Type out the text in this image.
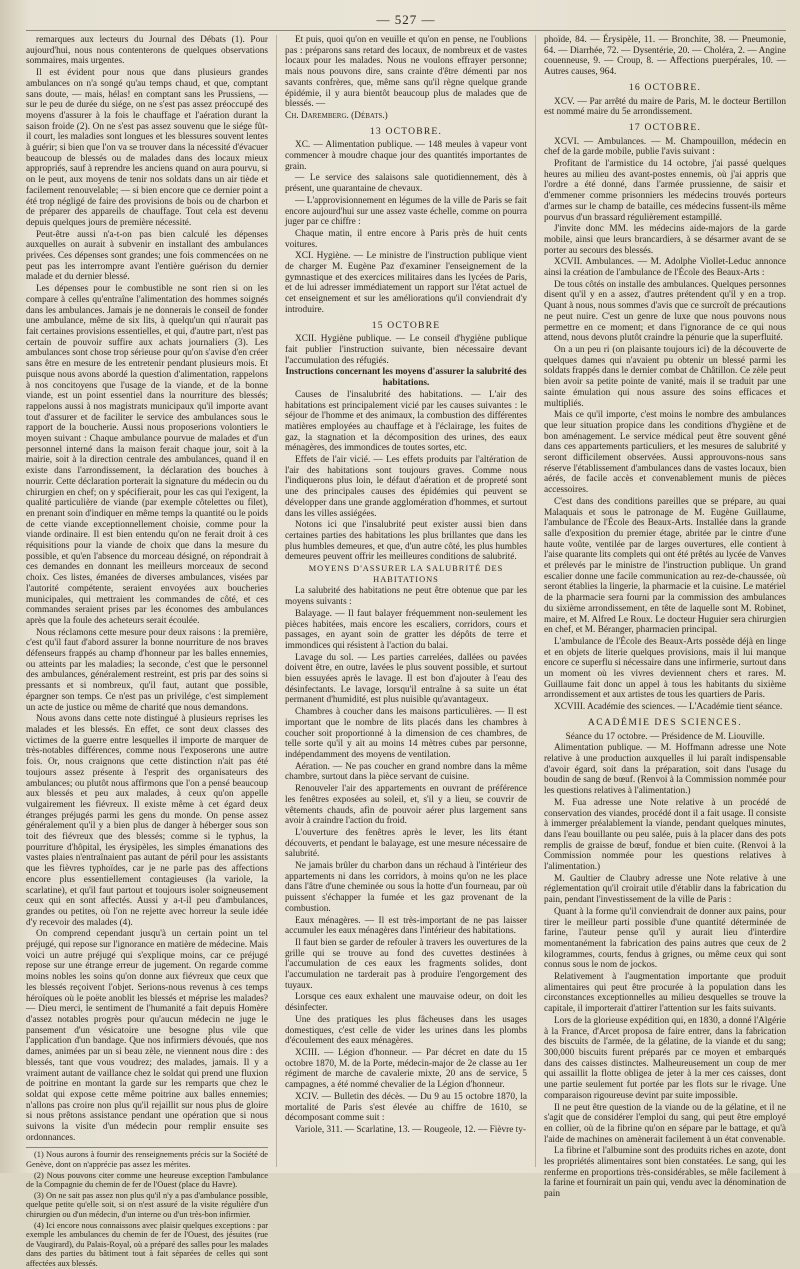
— 527 —

remarques aux lecteurs du Journal des Débats (1). Pour aujourd'hui, nous nous contenterons de quelques observations sommaires, mais urgentes.

Il est évident pour nous que dans plusieurs grandes ambulances on n'a songé qu'au temps chaud, et que, comptant sans doute, — mais, hélas! en comptant sans les Prussiens, — sur le peu de durée du siége, on ne s'est pas assez préoccupé des moyens d'assurer à la fois le chauffage et l'aération durant la saison froide (2). On ne s'est pas assez souvenu que le siége fût-il court, les maladies sont longues et les blessures souvent lentes à guérir; si bien que l'on va se trouver dans la nécessité d'évacuer beaucoup de blessés ou de malades dans des locaux mieux appropriés, sauf à reprendre les anciens quand on aura pourvu, si on le peut, aux moyens de tenir nos soldats dans un air tiède et facilement renouvelable; — si bien encore que ce dernier point a été trop négligé de faire des provisions de bois ou de charbon et de préparer des appareils de chauffage. Tout cela est devenu depuis quelques jours de première nécessité.

Peut-être aussi n'a-t-on pas bien calculé les dépenses auxquelles on aurait à subvenir en installant des ambulances privées. Ces dépenses sont grandes; une fois commencées on ne peut pas les interrompre avant l'entière guérison du dernier malade et du dernier blessé.

Les dépenses pour le combustible ne sont rien si on les compare à celles qu'entraîne l'alimentation des hommes soignés dans les ambulances. Jamais je ne donnerais le conseil de fonder une ambulance, même de six lits, à quelqu'un qui n'aurait pas fait certaines provisions essentielles, et qui, d'autre part, n'est pas certain de pouvoir suffire aux achats journaliers (3). Les ambulances sont chose trop sérieuse pour qu'on s'avise d'en créer sans être en mesure de les entretenir pendant plusieurs mois. Et puisque nous avons abordé la question d'alimentation, rappelons à nos concitoyens que l'usage de la viande, et de la bonne viande, est un point essentiel dans la nourriture des blessés; rappelons aussi à nos magistrats municipaux qu'il importe avant tout d'assurer et de faciliter le service des ambulances sous le rapport de la boucherie. Aussi nous proposerions volontiers le moyen suivant : Chaque ambulance pourvue de malades et d'un personnel interné dans la maison ferait chaque jour, soit à la mairie, soit à la direction centrale des ambulances, quand il en existe dans l'arrondissement, la déclaration des bouches à nourrir. Cette déclaration porterait la signature du médecin ou du chirurgien en chef; on y spécifierait, pour les cas qui l'exigent, la qualité particulière de viande (par exemple côtelettes ou filet), en prenant soin d'indiquer en même temps la quantité ou le poids de cette viande exceptionnellement choisie, comme pour la viande ordinaire. Il est bien entendu qu'on ne ferait droit à ces réquisitions pour la viande de choix que dans la mesure du possible, et qu'en l'absence du morceau désigné, on répondrait à ces demandes en donnant les meilleurs morceaux de second choix. Ces listes, émanées de diverses ambulances, visées par l'autorité compétente, seraient envoyées aux boucheries municipales, qui mettraient les commandes de côté, et ces commandes seraient prises par les économes des ambulances après que la foule des acheteurs serait écoulée.

Nous réclamons cette mesure pour deux raisons : la première, c'est qu'il faut d'abord assurer la bonne nourriture de nos braves défenseurs frappés au champ d'honneur par les balles ennemies, ou atteints par les maladies; la seconde, c'est que le personnel des ambulances, généralement restreint, est pris par des soins si pressants et si nombreux, qu'il faut, autant que possible, épargner son temps. Ce n'est pas un privilége, c'est simplement un acte de justice ou même de charité que nous demandons.

Nous avons dans cette note distingué à plusieurs reprises les malades et les blessés. En effet, ce sont deux classes des victimes de la guerre entre lesquelles il importe de marquer de très-notables différences, comme nous l'exposerons une autre fois. Or, nous craignons que cette distinction n'ait pas été toujours assez présente à l'esprit des organisateurs des ambulances; ou plutôt nous affirmons que l'on a pensé beaucoup aux blessés et peu aux malades, à ceux qu'on appelle vulgairement les fiévreux. Il existe même à cet égard deux étranges préjugés parmi les gens du monde. On pense assez généralement qu'il y a bien plus de danger à héberger sous son toit des fiévreux que des blessés; comme si le typhus, la pourriture d'hôpital, les érysipèles, les simples émanations des vastes plaies n'entraînaient pas autant de péril pour les assistants que les fièvres typhoïdes, car je ne parle pas des affections encore plus essentiellement contagieuses (la variole, la scarlatine), et qu'il faut partout et toujours isoler soigneusement ceux qui en sont affectés. Aussi y a-t-il peu d'ambulances, grandes ou petites, où l'on ne rejette avec horreur la seule idée d'y recevoir des malades (4).

On comprend cependant jusqu'à un certain point un tel préjugé, qui repose sur l'ignorance en matière de médecine. Mais voici un autre préjugé qui s'explique moins, car ce préjugé repose sur une étrange erreur de jugement. On regarde comme moins nobles les soins qu'on donne aux fiévreux que ceux que les blessés reçoivent l'objet. Serions-nous revenus à ces temps héroïques où le poëte anoblit les blessés et méprise les malades? — Dieu merci, le sentiment de l'humanité a fait depuis Homère d'assez notables progrès pour qu'aucun médecin ne juge le pansement d'un vésicatoire une besogne plus vile que l'application d'un bandage. Que nos infirmiers dévoués, que nos dames, animées par un si beau zèle, ne viennent nous dire : des blessés, tant que vous voudrez; des malades, jamais. Il y a vraiment autant de vaillance chez le soldat qui prend une fluxion de poitrine en montant la garde sur les remparts que chez le soldat qui expose cette même poitrine aux balles ennemies; n'allons pas croire non plus qu'il rejaillit sur nous plus de gloire si nous prêtons assistance pendant une opération que si nous suivons la visite d'un médecin pour remplir ensuite ses ordonnances.

(1) Nous aurons à fournir des renseignements précis sur la Société de Genève, dont on n'apprécie pas assez les mérites.

(2) Nous pouvons citer comme une heureuse exception l'ambulance de la Compagnie du chemin de fer de l'Ouest (place du Havre).

(3) On ne sait pas assez non plus qu'il n'y a pas d'ambulance possible, quelque petite qu'elle soit, si on n'est assuré de la visite régulière d'un chirurgien ou d'un médecin, d'un interne ou d'un très-bon infirmier.

(4) Ici encore nous connaissons avec plaisir quelques exceptions : par exemple les ambulances du chemin de fer de l'Ouest, des jésuites (rue de Vaugirard), du Palais-Royal, où a préparé des salles pour les malades dans des parties du bâtiment tout à fait séparées de celles qui sont affectées aux blessés.

Et puis, quoi qu'on en veuille et qu'on en pense, ne l'oublions pas : préparons sans retard des locaux, de nombreux et de vastes locaux pour les malades. Nous ne voulons effrayer personne; mais nous pouvons dire, sans crainte d'être démenti par nos savants confrères, que, même sans qu'il règne quelque grande épidémie, il y aura bientôt beaucoup plus de malades que de blessés. —

Ch. Daremberg. (Débats.)

13 OCTOBRE.

XC. — Alimentation publique. — 148 meules à vapeur vont commencer à moudre chaque jour des quantités importantes de grain.

— Le service des salaisons sale quotidiennement, dès à présent, une quarantaine de chevaux.

— L'approvisionnement en légumes de la ville de Paris se fait encore aujourd'hui sur une assez vaste échelle, comme on pourra juger par ce chiffre :

Chaque matin, il entre encore à Paris près de huit cents voitures.

XCI. Hygiène. — Le ministre de l'instruction publique vient de charger M. Eugène Paz d'examiner l'enseignement de la gymnastique et des exercices militaires dans les lycées de Paris, et de lui adresser immédiatement un rapport sur l'état actuel de cet enseignement et sur les améliorations qu'il conviendrait d'y introduire.

15 OCTOBRE

XCII. Hygiène publique. — Le conseil d'hygiène publique fait publier l'instruction suivante, bien nécessaire devant l'accumulation des réfugiés.

Instructions concernant les moyens d'assurer la salubrité des habitations.

Causes de l'insalubrité des habitations. — L'air des habitations est principalement vicié par les causes suivantes : le séjour de l'homme et des animaux, la combustion des différentes matières employées au chauffage et à l'éclairage, les fuites de gaz, la stagnation et la décomposition des urines, des eaux ménagères, des immondices de toutes sortes, etc.

Effets de l'air vicié. — Les effets produits par l'altération de l'air des habitations sont toujours graves. Comme nous l'indiquerons plus loin, le défaut d'aération et de propreté sont une des principales causes des épidémies qui peuvent se développer dans une grande agglomération d'hommes, et surtout dans les villes assiégées.

Notons ici que l'insalubrité peut exister aussi bien dans certaines parties des habitations les plus brillantes que dans les plus humbles demeures, et que, d'un autre côté, les plus humbles demeures peuvent offrir les meilleures conditions de salubrité.

MOYENS D'ASSURER LA SALUBRITÉ DES HABITATIONS

La salubrité des habitations ne peut être obtenue que par les moyens suivants :

Balayage. — Il faut balayer fréquemment non-seulement les pièces habitées, mais encore les escaliers, corridors, cours et passages, en ayant soin de gratter les dépôts de terre et immondices qui résistent à l'action du balai.

Lavage du sol. — Les parties carrelées, dallées ou pavées doivent être, en outre, lavées le plus souvent possible, et surtout bien essuyées après le lavage. Il est bon d'ajouter à l'eau des désinfectants. Le lavage, lorsqu'il entraîne à sa suite un état permanent d'humidité, est plus nuisible qu'avantageux.

Chambres à coucher dans les maisons particulières. — Il est important que le nombre de lits placés dans les chambres à coucher soit proportionné à la dimension de ces chambres, de telle sorte qu'il y ait au moins 14 mètres cubes par personne, indépendamment des moyens de ventilation.

Aération. — Ne pas coucher en grand nombre dans la même chambre, surtout dans la pièce servant de cuisine.

Renouveler l'air des appartements en ouvrant de préférence les fenêtres exposées au soleil, et, s'il y a lieu, se couvrir de vêtements chauds, afin de pouvoir aérer plus largement sans avoir à craindre l'action du froid.

L'ouverture des fenêtres après le lever, les lits étant découverts, et pendant le balayage, est une mesure nécessaire de salubrité.

Ne jamais brûler du charbon dans un réchaud à l'intérieur des appartements ni dans les corridors, à moins qu'on ne les place dans l'âtre d'une cheminée ou sous la hotte d'un fourneau, par où puissent s'échapper la fumée et les gaz provenant de la combustion.

Eaux ménagères. — Il est très-important de ne pas laisser accumuler les eaux ménagères dans l'intérieur des habitations.

Il faut bien se garder de refouler à travers les ouvertures de la grille qui se trouve au fond des cuvettes destinées à l'accumulation de ces eaux les fragments solides, dont l'accumulation ne tarderait pas à produire l'engorgement des tuyaux.

Lorsque ces eaux exhalent une mauvaise odeur, on doit les désinfecter.

Une des pratiques les plus fâcheuses dans les usages domestiques, c'est celle de vider les urines dans les plombs d'écoulement des eaux ménagères.

XCIII. — Légion d'honneur. — Par décret en date du 15 octobre 1870, M. de la Porte, médecin-major de 2e classe au 1er régiment de marche de cavalerie mixte, 20 ans de service, 5 campagnes, a été nommé chevalier de la Légion d'honneur.

XCIV. — Bulletin des décès. — Du 9 au 15 octobre 1870, la mortalité de Paris s'est élevée au chiffre de 1610, se décomposant comme suit :

Variole, 311. — Scarlatine, 13. — Rougeole, 12. — Fièvre ty-

phoïde, 84. — Érysipèle, 11. — Bronchite, 38. — Pneumonie, 64. — Diarrhée, 72. — Dysentérie, 20. — Choléra, 2. — Angine couenneuse, 9. — Croup, 8. — Affections puerpérales, 10. — Autres causes, 964.

16 OCTOBRE.

XCV. — Par arrêté du maire de Paris, M. le docteur Bertillon est nommé maire du 5e arrondissement.

17 OCTOBRE.

XCVI. — Ambulances. — M. Champouillon, médecin en chef de la garde mobile, publie l'avis suivant :

Profitant de l'armistice du 14 octobre, j'ai passé quelques heures au milieu des avant-postes ennemis, où j'ai appris que l'ordre a été donné, dans l'armée prussienne, de saisir et d'emmener comme prisonniers les médecins trouvés porteurs d'armes sur le champ de bataille, ces médecins fussent-ils même pourvus d'un brassard régulièrement estampillé.

J'invite donc MM. les médecins aide-majors de la garde mobile, ainsi que leurs brancardiers, à se désarmer avant de se porter au secours des blessés.

XCVII. Ambulances. — M. Adolphe Viollet-Leduc annonce ainsi la création de l'ambulance de l'École des Beaux-Arts :

De tous côtés on installe des ambulances. Quelques personnes disent qu'il y en a assez, d'autres prétendent qu'il y en a trop. Quant à nous, nous sommes d'avis que ce surcroît de précautions ne peut nuire. C'est un genre de luxe que nous pouvons nous permettre en ce moment; et dans l'ignorance de ce qui nous attend, nous devons plutôt craindre la pénurie que la superfluité.

On a un peu ri (on plaisante toujours ici) de la découverte de quelques dames qui n'avaient pu obtenir un blessé parmi les soldats frappés dans le dernier combat de Châtillon. Ce zèle peut bien avoir sa petite pointe de vanité, mais il se traduit par une sainte émulation qui nous assure des soins efficaces et multipliés.

Mais ce qu'il importe, c'est moins le nombre des ambulances que leur situation propice dans les conditions d'hygiène et de bon aménagement. Le service médical peut être souvent gêné dans ces appartements particuliers, et les mesures de salubrité y seront difficilement observées. Aussi approuvons-nous sans réserve l'établissement d'ambulances dans de vastes locaux, bien aérés, de facile accès et convenablement munis de pièces accessoires.

C'est dans des conditions pareilles que se prépare, au quai Malaquais et sous le patronage de M. Eugène Guillaume, l'ambulance de l'École des Beaux-Arts. Installée dans la grande salle d'exposition du premier étage, abritée par le cintre d'une haute voûte, ventilée par de larges ouvertures, elle contient à l'aise quarante lits complets qui ont été prêtés au lycée de Vanves et prélevés par le ministre de l'instruction publique. Un grand escalier donne une facile communication au rez-de-chaussée, où seront établies la lingerie, la pharmacie et la cuisine. Le matériel de la pharmacie sera fourni par la commission des ambulances du sixième arrondissement, en tête de laquelle sont M. Robinet, maire, et M. Alfred Le Roux. Le docteur Huguier sera chirurgien en chef, et M. Béranger, pharmacien principal.

L'ambulance de l'École des Beaux-Arts possède déjà en linge et en objets de literie quelques provisions, mais il lui manque encore ce superflu si nécessaire dans une infirmerie, surtout dans un moment où les vivres deviennent chers et rares. M. Guillaume fait donc un appel à tous les habitants du sixième arrondissement et aux artistes de tous les quartiers de Paris.

XCVIII. Académie des sciences. — L'Académie tient séance.

ACADÉMIE DES SCIENCES.

Séance du 17 octobre. — Présidence de M. Liouville.

Alimentation publique. — M. Hoffmann adresse une Note relative à une production auxquelles il lui paraît indispensable d'avoir égard, soit dans la préparation, soit dans l'usage du boudin de sang de bœuf. (Renvoi à la Commission nommée pour les questions relatives à l'alimentation.)

M. Fua adresse une Note relative à un procédé de conservation des viandes, procédé dont il a fait usage. Il consiste à immerger préalablement la viande, pendant quelques minutes, dans l'eau bouillante ou peu salée, puis à la placer dans des pots remplis de graisse de bœuf, fondue et bien cuite. (Renvoi à la Commission nommée pour les questions relatives à l'alimentation.)

M. Gaultier de Claubry adresse une Note relative à une réglementation qu'il croirait utile d'établir dans la fabrication du pain, pendant l'investissement de la ville de Paris :

Quant à la forme qu'il conviendrait de donner aux pains, pour tirer le meilleur parti possible d'une quantité déterminée de farine, l'auteur pense qu'il y aurait lieu d'interdire momentanément la fabrication des pains autres que ceux de 2 kilogrammes, courts, fendus à grignes, ou même ceux qui sont connus sous le nom de jockos.

Relativement à l'augmentation importante que produit alimentaires qui peut être procurée à la population dans les circonstances exceptionnelles au milieu desquelles se trouve la capitale, il importerait d'attirer l'attention sur les faits suivants.

Lors de la glorieuse expédition qui, en 1830, a donné l'Algérie à la France, d'Arcet proposa de faire entrer, dans la fabrication des biscuits de l'armée, de la gélatine, de la viande et du sang; 300,000 biscuits furent préparés par ce moyen et embarqués dans des caisses distinctes. Malheureusement un coup de mer qui assaillit la flotte obligea de jeter à la mer ces caisses, dont une partie seulement fut portée par les flots sur le rivage. Une comparaison rigoureuse devint par suite impossible.

Il ne peut être question de la viande ou de la gélatine, et il ne s'agit que de considérer l'emploi du sang, qui peut être employé en collier, où de la fibrine qu'on en sépare par le battage, et qu'à l'aide de machines on amènerait facilement à un état convenable.

La fibrine et l'albumine sont des produits riches en azote, dont les propriétés alimentaires sont bien constatées. Le sang, qui les renferme en proportions très-considérables, se mêle facilement à la farine et fournirait un pain qui, vendu avec la dénomination de pain
